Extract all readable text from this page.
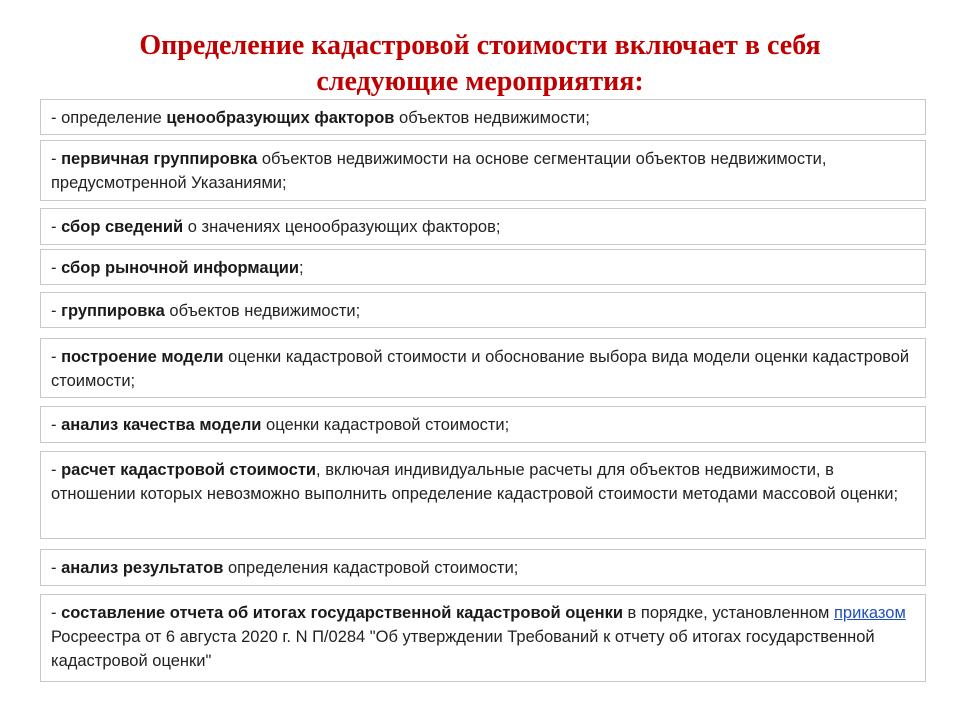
Определение кадастровой стоимости включает в себя
следующие мероприятия:
- определение ценообразующих факторов объектов недвижимости;
- первичная группировка объектов недвижимости на основе сегментации объектов недвижимости, предусмотренной Указаниями;
- сбор сведений о значениях ценообразующих факторов;
- сбор рыночной информации;
- группировка объектов недвижимости;
- построение модели оценки кадастровой стоимости и обоснование выбора вида модели оценки кадастровой стоимости;
- анализ качества модели оценки кадастровой стоимости;
- расчет кадастровой стоимости, включая индивидуальные расчеты для объектов недвижимости, в отношении которых невозможно выполнить определение кадастровой стоимости методами массовой оценки;
- анализ результатов определения кадастровой стоимости;
- составление отчета об итогах государственной кадастровой оценки в порядке, установленном приказом Росреестра от 6 августа 2020 г. N П/0284 "Об утверждении Требований к отчету об итогах государственной кадастровой оценки"
